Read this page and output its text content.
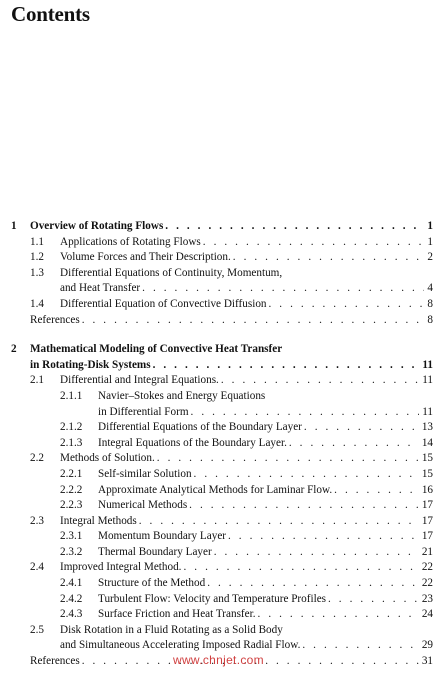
Contents
1 Overview of Rotating Flows . . .	1
1.1 Applications of Rotating Flows . . .	1
1.2 Volume Forces and Their Description. . . .	2
1.3 Differential Equations of Continuity, Momentum,
and Heat Transfer . . .	4
1.4 Differential Equation of Convective Diffusion . . .	8
References . . .	8
2 Mathematical Modeling of Convective Heat Transfer
in Rotating-Disk Systems . . .	11
2.1 Differential and Integral Equations. . . .	11
2.1.1 Navier–Stokes and Energy Equations
in Differential Form . . .	11
2.1.2 Differential Equations of the Boundary Layer . . .	13
2.1.3 Integral Equations of the Boundary Layer. . . .	14
2.2 Methods of Solution. . . .	15
2.2.1 Self-similar Solution . . .	15
2.2.2 Approximate Analytical Methods for Laminar Flow. . . .	16
2.2.3 Numerical Methods . . .	17
2.3 Integral Methods . . .	17
2.3.1 Momentum Boundary Layer . . .	17
2.3.2 Thermal Boundary Layer . . .	21
2.4 Improved Integral Method. . . .	22
2.4.1 Structure of the Method . . .	22
2.4.2 Turbulent Flow: Velocity and Temperature Profiles . . .	23
2.4.3 Surface Friction and Heat Transfer. . . .	24
2.5 Disk Rotation in a Fluid Rotating as a Solid Body
and Simultaneous Accelerating Imposed Radial Flow. . . .	29
References . . .	31
www.chnjet.com
